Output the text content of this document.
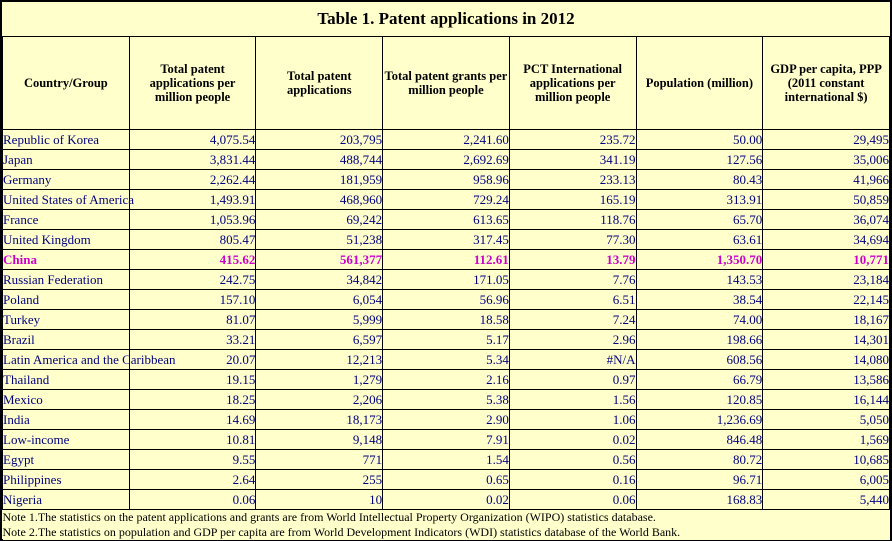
Table 1. Patent applications in 2012						
Country/Group	Total patent applications per million people	Total patent applications	Total patent grants per million people	PCT International applications per million people	Population (million)	GDP per capita, PPP (2011 constant international $)
Republic of Korea	4,075.54	203,795	2,241.60	235.72	50.00	29,495
Japan	3,831.44	488,744	2,692.69	341.19	127.56	35,006
Germany	2,262.44	181,959	958.96	233.13	80.43	41,966
United States of America	1,493.91	468,960	729.24	165.19	313.91	50,859
France	1,053.96	69,242	613.65	118.76	65.70	36,074
United Kingdom	805.47	51,238	317.45	77.30	63.61	34,694
China	415.62	561,377	112.61	13.79	1,350.70	10,771
Russian Federation	242.75	34,842	171.05	7.76	143.53	23,184
Poland	157.10	6,054	56.96	6.51	38.54	22,145
Turkey	81.07	5,999	18.58	7.24	74.00	18,167
Brazil	33.21	6,597	5.17	2.96	198.66	14,301
Latin America and the Caribbean	20.07	12,213	5.34	#N/A	608.56	14,080
Thailand	19.15	1,279	2.16	0.97	66.79	13,586
Mexico	18.25	2,206	5.38	1.56	120.85	16,144
India	14.69	18,173	2.90	1.06	1,236.69	5,050
Low-income	10.81	9,148	7.91	0.02	846.48	1,569
Egypt	9.55	771	1.54	0.56	80.72	10,685
Philippines	2.64	255	0.65	0.16	96.71	6,005
Nigeria	0.06	10	0.02	0.06	168.83	5,440

Note 1.The statistics on the patent applications and grants are from World Intellectual Property Organization (WIPO) statistics database.
Note 2.The statistics on population and GDP per capita are from World Development Indicators (WDI) statistics database of the World Bank.						
